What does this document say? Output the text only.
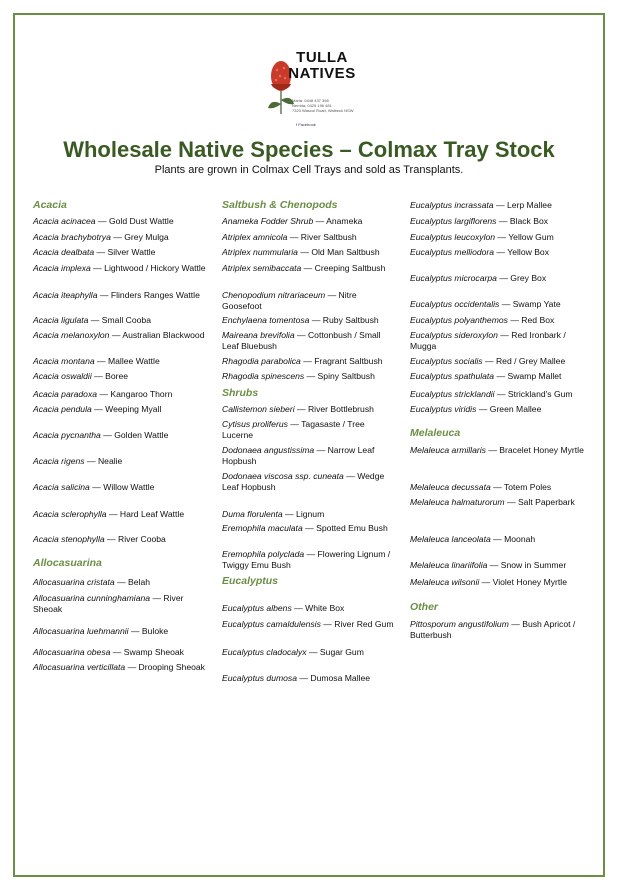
TULLA
NATIVES
Maria: 0448 437 398
Nerrida: 0429 196 481
7323 Wascol Road, Walbeck NSW
f Facebook
Wholesale Native Species – Colmax Tray Stock
Plants are grown in Colmax Cell Trays and sold as Transplants.
Acacia
Acacia acinacea — Gold Dust Wattle
Acacia brachybotrya — Grey Mulga
Acacia dealbata — Silver Wattle
Acacia implexa — Lightwood / Hickory Wattle
Acacia iteaphylla — Flinders Ranges Wattle
Acacia ligulata — Small Cooba
Acacia melanoxylon — Australian Blackwood
Acacia montana — Mallee Wattle
Acacia oswaldii — Boree
Acacia paradoxa — Kangaroo Thorn
Acacia pendula — Weeping Myall
Acacia pycnantha — Golden Wattle
Acacia rigens — Nealie
Acacia salicina — Willow Wattle
Acacia sclerophylla — Hard Leaf Wattle
Acacia stenophylla — River Cooba
Allocasuarina
Allocasuarina cristata — Belah
Allocasuarina cunninghamiana — River Sheoak
Allocasuarina luehmannii — Buloke
Allocasuarina obesa — Swamp Sheoak
Allocasuarina verticillata — Drooping Sheoak
Saltbush & Chenopods
Anameka Fodder Shrub — Anameka
Atriplex amnicola — River Saltbush
Atriplex nummularia — Old Man Saltbush
Atriplex semibaccata — Creeping Saltbush
Chenopodium nitrariaceum — Nitre Goosefoot
Enchylaena tomentosa — Ruby Saltbush
Maireana brevifolia — Cottonbush / Small Leaf Bluebush
Rhagodia parabolica — Fragrant Saltbush
Rhagodia spinescens — Spiny Saltbush
Shrubs
Callistemon sieberi — River Bottlebrush
Cytisus proliferus — Tagasaste / Tree Lucerne
Dodonaea angustissima — Narrow Leaf Hopbush
Dodonaea viscosa ssp. cuneata — Wedge Leaf Hopbush
Duma florulenta — Lignum
Eremophila maculata — Spotted Emu Bush
Eremophila polyclada — Flowering Lignum / Twiggy Emu Bush
Eucalyptus
Eucalyptus albens — White Box
Eucalyptus camaldulensis — River Red Gum
Eucalyptus cladocalyx — Sugar Gum
Eucalyptus dumosa — Dumosa Mallee
Eucalyptus incrassata — Lerp Mallee
Eucalyptus largiflorens — Black Box
Eucalyptus leucoxylon — Yellow Gum
Eucalyptus melliodora — Yellow Box
Eucalyptus microcarpa — Grey Box
Eucalyptus occidentalis — Swamp Yate
Eucalyptus polyanthemos — Red Box
Eucalyptus sideroxylon — Red Ironbark / Mugga
Eucalyptus socialis — Red / Grey Mallee
Eucalyptus spathulata — Swamp Mallet
Eucalyptus stricklandii — Strickland's Gum
Eucalyptus viridis — Green Mallee
Melaleuca
Melaleuca armillaris — Bracelet Honey Myrtle
Melaleuca decussata — Totem Poles
Melaleuca halmaturorum — Salt Paperbark
Melaleuca lanceolata — Moonah
Melaleuca linariifolia — Snow in Summer
Melaleuca wilsonii — Violet Honey Myrtle
Other
Pittosporum angustifolium — Bush Apricot / Butterbush
